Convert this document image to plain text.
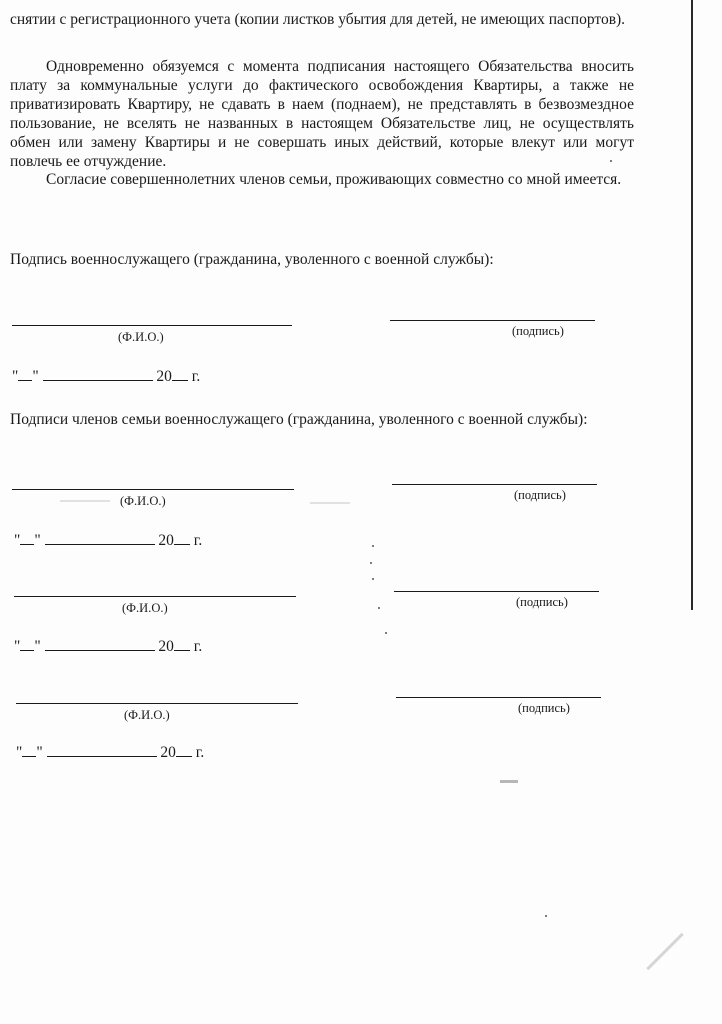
снятии с регистрационного учета (копии листков убытия для детей, не имеющих паспортов).

Одновременно обязуемся с момента подписания настоящего Обязательства вносить плату за коммунальные услуги до фактического освобождения Квартиры, а также не приватизировать Квартиру, не сдавать в наем (поднаем), не представлять в безвозмездное пользование, не вселять не названных в настоящем Обязательстве лиц, не осуществлять обмен или замену Квартиры и не совершать иных действий, которые влекут или могут повлечь ее отчуждение.

Согласие совершеннолетних членов семьи, проживающих совместно со мной имеется.

Подпись военнослужащего (гражданина, уволенного с военной службы):
(Ф.И.О.)	(подпись)
" "	20 г.

Подписи членов семьи военнослужащего (гражданина, уволенного с военной службы):

(Ф.И.О.)	(подпись)
" "	20 г.
(Ф.И.О.)	(подпись)
" "	20 г.
(Ф.И.О.)	(подпись)
" "	20 г.
